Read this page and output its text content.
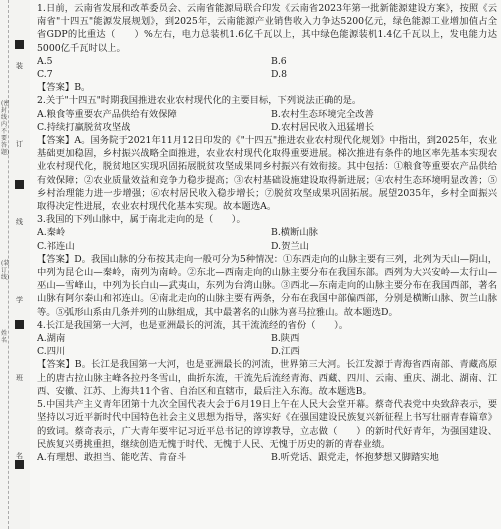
(密封线内不要答题)
(装订线)
姓名
装
订
线
学
班
名

1.日前，云南省发展和改革委员会、云南省能源局联合印发《云南省2023年第一批新能源建设方案》，按照《云南省"十四五"能源发展规划》，到2025年，云南能源产业销售收入力争达5200亿元，绿色能源工业增加值占全省GDP的比重达（　　）%左右，电力总装机1.6亿千瓦以上，其中绿色能源装机1.4亿千瓦以上，发电能力达5000亿千瓦时以上。

A.5	B.6
C.7	D.8

【答案】B。

2.关于"十四五"时期我国推进农业农村现代化的主要目标，下列说法正确的是。

A.粮食等重要农产品供给有效保障	B.农村生态环境完全改善
C.持续打赢脱贫攻坚战	D.农村居民收入迅猛增长

【答案】A。国务院于2021年11月12日印发的《"十四五"推进农业农村现代化规划》中指出，到2025年，农业基础更加稳固，乡村振兴战略全面推进，农业农村现代化取得重要进展。梯次推进有条件的地区率先基本实现农业农村现代化，脱贫地区实现巩固拓展脱贫攻坚成果同乡村振兴有效衔接。其中包括：①粮食等重要农产品供给有效保障；②农业质量效益和竞争力稳步提高；③农村基础设施建设取得新进展；④农村生态环境明显改善；⑤乡村治理能力进一步增强；⑥农村居民收入稳步增长；⑦脱贫攻坚成果巩固拓展。展望2035年，乡村全面振兴取得决定性进展，农业农村现代化基本实现。故本题选A。

3.我国的下列山脉中，属于南北走向的是（　　）。

A.秦岭	B.横断山脉
C.祁连山	D.贺兰山

【答案】D。我国山脉的分布按其走向一般可分为5种情况：①东西走向的山脉主要有三列，北列为天山—阴山，中列为昆仑山—秦岭，南列为南岭。②东北—西南走向的山脉主要分布在我国东部。西列为大兴安岭—太行山—巫山—雪峰山，中列为长白山—武夷山，东列为台湾山脉。③西北—东南走向的山脉主要分布在我国西部，著名山脉有阿尔泰山和祁连山。④南北走向的山脉主要有两条，分布在我国中部偏西部，分别是横断山脉、贺兰山脉等。⑤弧形山系由几条并列的山脉组成，其中最著名的山脉为喜马拉雅山。故本题选D。

4.长江是我国第一大河，也是亚洲最长的河流，其干流流经的省份（　　）。

A.湖南	B.陕西
C.四川	D.江西

【答案】B。长江是我国第一大河，也是亚洲最长的河流，世界第三大河。长江发源于青海省西南部、青藏高原上的唐古拉山脉主峰各拉丹冬雪山，曲折东流，干流先后流经青海、西藏、四川、云南、重庆、湖北、湖南、江西、安徽、江苏、上海共11个省、自治区和直辖市，最后注入东海。故本题选B。

5.中国共产主义青年团第十九次全国代表大会于6月19日上午在人民大会堂开幕。蔡奇代表党中央致辞表示，要坚持以习近平新时代中国特色社会主义思想为指导，落实好《在强国建设民族复兴新征程上书写壮丽青春篇章》的致词。蔡奇表示，广大青年要牢记习近平总书记的谆谆教导，立志做（　　）的新时代好青年，为强国建设、民族复兴勇挑重担，继续创造无愧于时代、无愧于人民、无愧于历史的新的青春业绩。

A.有理想、敢担当、能吃苦、肯奋斗	B.听党话、跟党走，怀抱梦想又脚踏实地
